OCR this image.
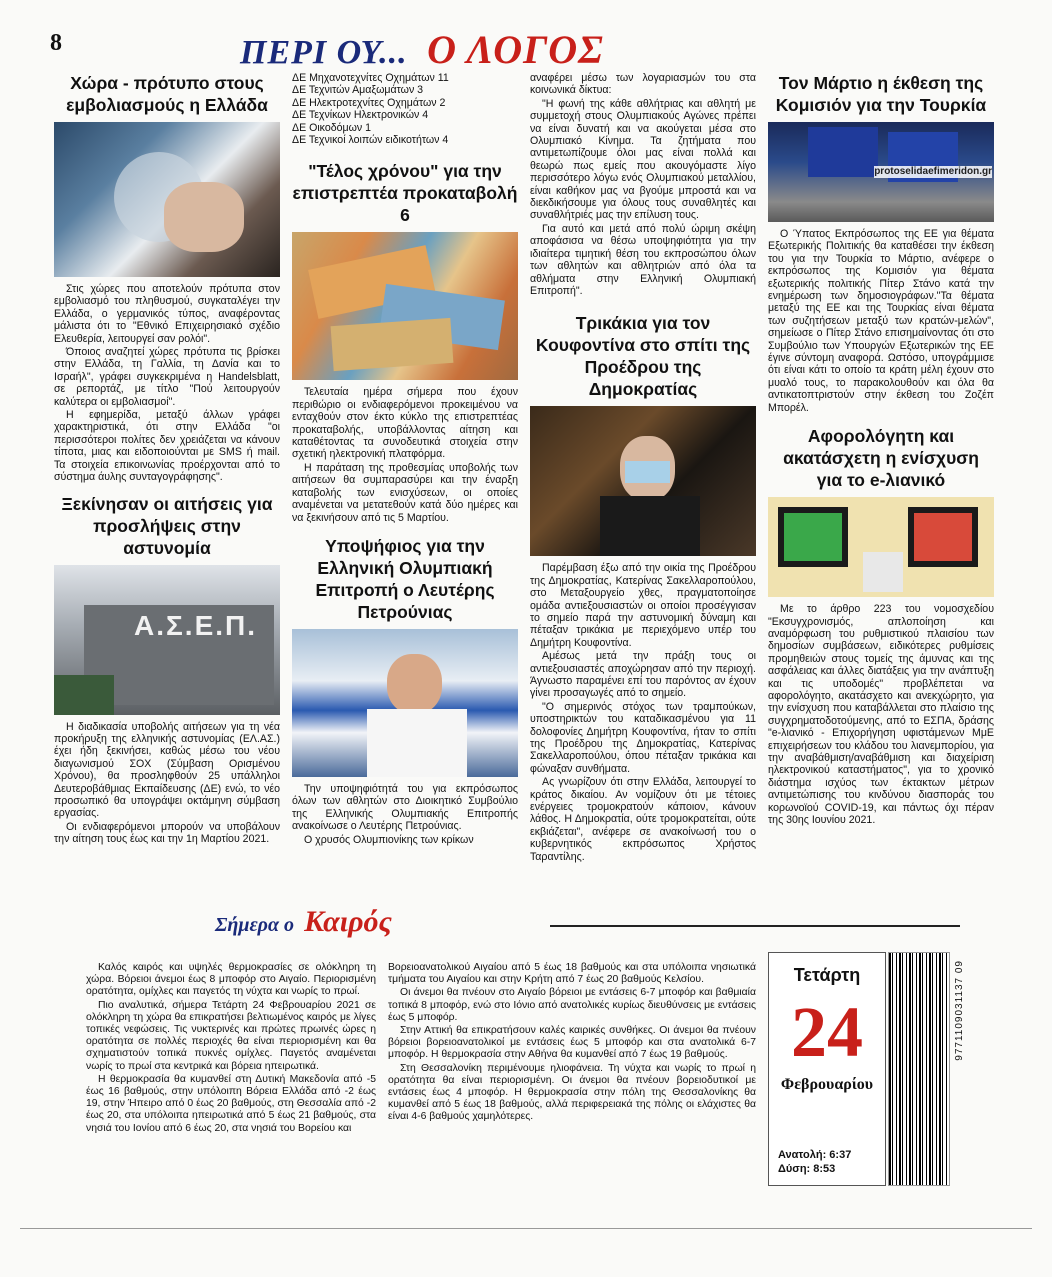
8	ΠΕΡΙ ΟΥ... Ο ΛΟΓΟΣ
Χώρα - πρότυπο στους εμβολιασμούς η Ελλάδα

Στις χώρες που αποτελούν πρότυπα στον εμβολιασμό του πληθυσμού, συγκαταλέγει την Ελλάδα, ο γερμανικός τύπος, αναφέροντας μάλιστα ότι το "Εθνικό Επιχειρησιακό σχέδιο Ελευθερία, λειτουργεί σαν ρολόι".

Όποιος αναζητεί χώρες πρότυπα τις βρίσκει στην Ελλάδα, τη Γαλλία, τη Δανία και το Ισραήλ", γράφει συγκεκριμένα η Handelsblatt, σε ρεπορτάζ, με τίτλο "Πού λειτουργούν καλύτερα οι εμβολιασμοί".

Η εφημερίδα, μεταξύ άλλων γράφει χαρακτηριστικά, ότι στην Ελλάδα "οι περισσότεροι πολίτες δεν χρειάζεται να κάνουν τίποτα, μιας και ειδοποιούνται με SMS ή mail. Τα στοιχεία επικοινωνίας προέρχονται από το σύστημα άυλης συνταγογράφησης".

Ξεκίνησαν οι αιτήσεις για προσλήψεις στην αστυνομία
Α.Σ.Ε.Π.

Η διαδικασία υποβολής αιτήσεων για τη νέα προκήρυξη της ελληνικής αστυνομίας (ΕΛ.ΑΣ.) έχει ήδη ξεκινήσει, καθώς μέσω του νέου διαγωνισμού ΣΟΧ (Σύμβαση Ορισμένου Χρόνου), θα προσληφθούν 25 υπάλληλοι Δευτεροβάθμιας Εκπαίδευσης (ΔΕ) ενώ, το νέο προσωπικό θα υπογράψει οκτάμηνη σύμβαση εργασίας.

Οι ενδιαφερόμενοι μπορούν να υποβάλουν την αίτηση τους έως και την 1η Μαρτίου 2021.

ΔΕ Μηχανοτεχνίτες Οχημάτων 11
ΔΕ Τεχνιτών Αμαξωμάτων 3
ΔΕ Ηλεκτροτεχνίτες Οχημάτων 2
ΔΕ Τεχνίκων Ηλεκτρονικών 4
ΔΕ Οικοδόμων 1
ΔΕ Τεχνικοί λοιπών ειδικοτήτων 4
"Τέλος χρόνου" για την επιστρεπτέα προκαταβολή 6

Τελευταία ημέρα σήμερα που έχουν περιθώριο οι ενδιαφερόμενοι προκειμένου να ενταχθούν στον έκτο κύκλο της επιστρεπτέας προκαταβολής, υποβάλλοντας αίτηση και καταθέτοντας τα συνοδευτικά στοιχεία στην σχετική ηλεκτρονική πλατφόρμα.

Η παράταση της προθεσμίας υποβολής των αιτήσεων θα συμπαρασύρει και την έναρξη καταβολής των ενισχύσεων, οι οποίες αναμένεται να μετατεθούν κατά δύο ημέρες και να ξεκινήσουν από τις 5 Μαρτίου.

Υποψήφιος για την Ελληνική Ολυμπιακή Επιτροπή ο Λευτέρης Πετρούνιας

Την υποψηφιότητά του για εκπρόσωπος όλων των αθλητών στο Διοικητικό Συμβούλιο της Ελληνικής Ολυμπιακής Επιτροπής ανακοίνωσε ο Λευτέρης Πετρούνιας.

Ο χρυσός Ολυμπιονίκης των κρίκων

αναφέρει μέσω των λογαριασμών του στα κοινωνικά δίκτυα:

"Η φωνή της κάθε αθλήτριας και αθλητή με συμμετοχή στους Ολυμπιακούς Αγώνες πρέπει να είναι δυνατή και να ακούγεται μέσα στο Ολυμπιακό Κίνημα. Τα ζητήματα που αντιμετωπίζουμε όλοι μας είναι πολλά και θεωρώ πως εμείς που ακουγόμαστε λίγο περισσότερο λόγω ενός Ολυμπιακού μεταλλίου, είναι καθήκον μας να βγούμε μπροστά και να διεκδικήσουμε για όλους τους συναθλητές και συναθλήτριές μας την επίλυση τους.

Για αυτό και μετά από πολύ ώριμη σκέψη αποφάσισα να θέσω υποψηφιότητα για την ιδιαίτερα τιμητική θέση του εκπροσώπου όλων των αθλητών και αθλητριών από όλα τα αθλήματα στην Ελληνική Ολυμπιακή Επιτροπή".

Τρικάκια για τον Κουφοντίνα στο σπίτι της Προέδρου της Δημοκρατίας

Παρέμβαση έξω από την οικία της Προέδρου της Δημοκρατίας, Κατερίνας Σακελλαροπούλου, στο Μεταξουργείο χθες, πραγματοποίησε ομάδα αντιεξουσιαστών οι οποίοι προσέγγισαν το σημείο παρά την αστυνομική δύναμη και πέταξαν τρικάκια με περιεχόμενο υπέρ του Δημήτρη Κουφοντίνα.

Αμέσως μετά την πράξη τους οι αντιεξουσιαστές αποχώρησαν από την περιοχή. Άγνωστο παραμένει επί του παρόντος αν έχουν γίνει προσαγωγές από το σημείο.

"Ο σημερινός στόχος των τραμπούκων, υποστηρικτών του καταδικασμένου για 11 δολοφονίες Δημήτρη Κουφοντίνα, ήταν το σπίτι της Προέδρου της Δημοκρατίας, Κατερίνας Σακελλαροπούλου, όπου πέταξαν τρικάκια και φώναξαν συνθήματα.

Ας γνωρίζουν ότι στην Ελλάδα, λειτουργεί το κράτος δικαίου. Αν νομίζουν ότι με τέτοιες ενέργειες τρομοκρατούν κάποιον, κάνουν λάθος. Η Δημοκρατία, ούτε τρομοκρατείται, ούτε εκβιάζεται", ανέφερε σε ανακοίνωσή του ο κυβερνητικός εκπρόσωπος Χρήστος Ταραντίλης.

Τον Μάρτιο η έκθεση της Κομισιόν για την Τουρκία
protoselidaefimeridon.gr

Ο Ύπατος Εκπρόσωπος της ΕΕ για θέματα Εξωτερικής Πολιτικής θα καταθέσει την έκθεση του για την Τουρκία το Μάρτιο, ανέφερε ο εκπρόσωπος της Κομισιόν για θέματα εξωτερικής πολιτικής Πίτερ Στάνο κατά την ενημέρωση των δημοσιογράφων."Τα θέματα μεταξύ της ΕΕ και της Τουρκίας είναι θέματα των συζητήσεων μεταξύ των κρατών-μελών", σημείωσε ο Πίτερ Στάνο επισημαίνοντας ότι στο Συμβούλιο των Υπουργών Εξωτερικών της ΕΕ έγινε σύντομη αναφορά. Ωστόσο, υπογράμμισε ότι είναι κάτι το οποίο τα κράτη μέλη έχουν στο μυαλό τους, το παρακολουθούν και όλα θα αντικατοπτριστούν στην έκθεση του Ζοζέπ Μπορέλ.

Αφορολόγητη και ακατάσχετη η ενίσχυση για το e-λιανικό

Με το άρθρο 223 του νομοσχεδίου "Εκσυγχρονισμός, απλοποίηση και αναμόρφωση του ρυθμιστικού πλαισίου των δημοσίων συμβάσεων, ειδικότερες ρυθμίσεις προμηθειών στους τομείς της άμυνας και της ασφάλειας και άλλες διατάξεις για την ανάπτυξη και τις υποδομές" προβλέπεται να αφορολόγητο, ακατάσχετο και ανεκχώρητο, για την ενίσχυση που καταβάλλεται στο πλαίσιο της συγχρηματοδοτούμενης, από το ΕΣΠΑ, δράσης "e-λιανικό - Επιχορήγηση υφιστάμενων ΜμΕ επιχειρήσεων του κλάδου του λιανεμπορίου, για την αναβάθμιση/αναβάθμιση και διαχείριση ηλεκτρονικού καταστήματος", για το χρονικό διάστημα ισχύος των έκτακτων μέτρων αντιμετώπισης του κινδύνου διασποράς του κορωνοϊού COVID-19, και πάντως όχι πέραν της 30ης Ιουνίου 2021.

Σήμερα ο Καιρός

Καλός καιρός και υψηλές θερμοκρασίες σε ολόκληρη τη χώρα. Βόρειοι άνεμοι έως 8 μποφόρ στο Αιγαίο. Περιορισμένη ορατότητα, ομίχλες και παγετός τη νύχτα και νωρίς το πρωί.

Πιο αναλυτικά, σήμερα Τετάρτη 24 Φεβρουαρίου 2021 σε ολόκληρη τη χώρα θα επικρατήσει βελτιωμένος καιρός με λίγες τοπικές νεφώσεις. Τις νυκτερινές και πρώτες πρωινές ώρες η ορατότητα σε πολλές περιοχές θα είναι περιορισμένη και θα σχηματιστούν τοπικά πυκνές ομίχλες. Παγετός αναμένεται νωρίς το πρωί στα κεντρικά και βόρεια ηπειρωτικά.

Η θερμοκρασία θα κυμανθεί στη Δυτική Μακεδονία από -5 έως 16 βαθμούς, στην υπόλοιπη Βόρεια Ελλάδα από -2 έως 19, στην Ήπειρο από 0 έως 20 βαθμούς, στη Θεσσαλία από -2 έως 20, στα υπόλοιπα ηπειρωτικά από 5 έως 21 βαθμούς, στα νησιά του Ιονίου από 6 έως 20, στα νησιά του Βορείου και

Βορειοανατολικού Αιγαίου από 5 έως 18 βαθμούς και στα υπόλοιπα νησιωτικά τμήματα του Αιγαίου και στην Κρήτη από 7 έως 20 βαθμούς Κελσίου.

Οι άνεμοι θα πνέουν στο Αιγαίο βόρειοι με εντάσεις 6-7 μποφόρ και βαθμιαία τοπικά 8 μποφόρ, ενώ στο Ιόνιο από ανατολικές κυρίως διευθύνσεις με εντάσεις έως 5 μποφόρ.

Στην Αττική θα επικρατήσουν καλές καιρικές συνθήκες. Οι άνεμοι θα πνέουν βόρειοι βορειοανατολικοί με εντάσεις έως 5 μποφόρ και στα ανατολικά 6-7 μποφόρ. Η θερμοκρασία στην Αθήνα θα κυμανθεί από 7 έως 19 βαθμούς.

Στη Θεσσαλονίκη περιμένουμε ηλιοφάνεια. Τη νύχτα και νωρίς το πρωί η ορατότητα θα είναι περιορισμένη. Οι άνεμοι θα πνέουν βορειοδυτικοί με εντάσεις έως 4 μποφόρ. Η θερμοκρασία στην πόλη της Θεσσαλονίκης θα κυμανθεί από 5 έως 18 βαθμούς, αλλά περιφερειακά της πόλης οι ελάχιστες θα είναι 4-6 βαθμούς χαμηλότερες.

Τετάρτη
24
Φεβρουαρίου
Ανατολή: 6:37
Δύση: 8:53
9771109031137 09
